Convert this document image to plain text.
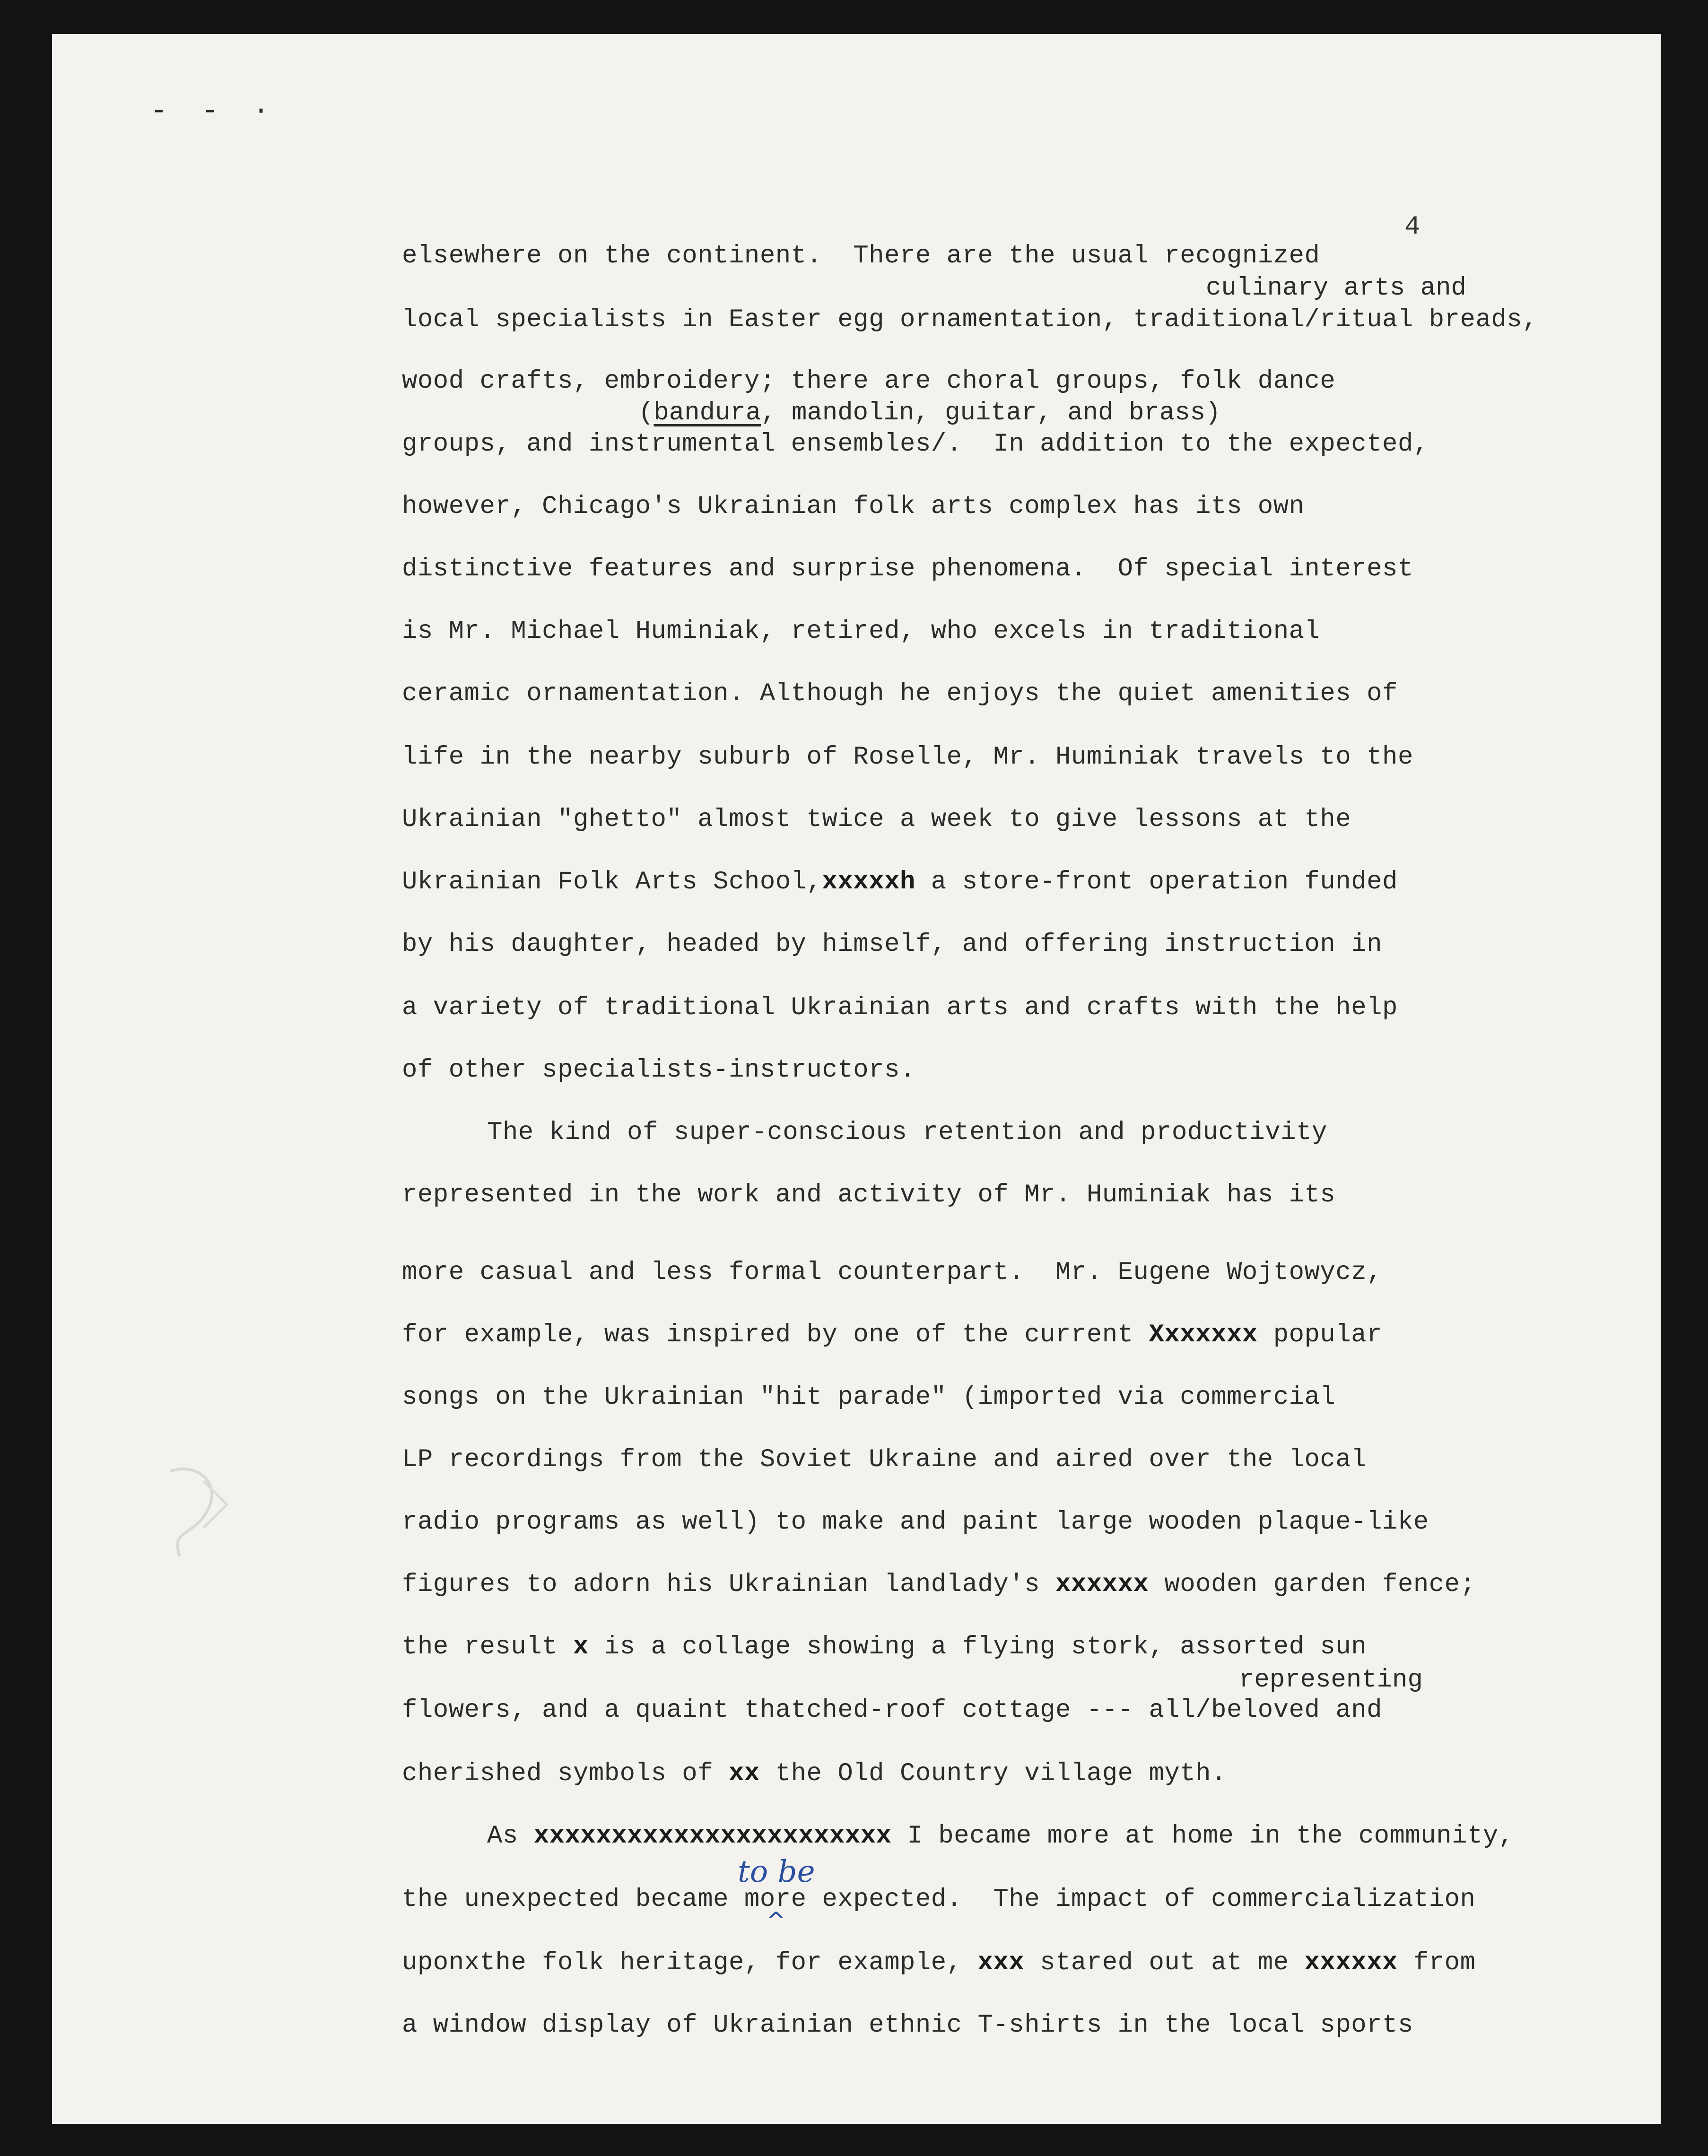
- - ·
4
elsewhere on the continent.  There are the usual recognized
culinary arts and
local specialists in Easter egg ornamentation, traditional/ritual breads,
wood crafts, embroidery; there are choral groups, folk dance
(bandura, mandolin, guitar, and brass)
groups, and instrumental ensembles/.  In addition to the expected,
however, Chicago's Ukrainian folk arts complex has its own
distinctive features and surprise phenomena.  Of special interest
is Mr. Michael Huminiak, retired, who excels in traditional
ceramic ornamentation. Although he enjoys the quiet amenities of
life in the nearby suburb of Roselle, Mr. Huminiak travels to the
Ukrainian "ghetto" almost twice a week to give lessons at the
Ukrainian Folk Arts School,xxxxxh a store-front operation funded
by his daughter, headed by himself, and offering instruction in
a variety of traditional Ukrainian arts and crafts with the help
of other specialists-instructors.
The kind of super-conscious retention and productivity
represented in the work and activity of Mr. Huminiak has its
more casual and less formal counterpart.  Mr. Eugene Wojtowycz,
for example, was inspired by one of the current Xxxxxxx popular
songs on the Ukrainian "hit parade" (imported via commercial
LP recordings from the Soviet Ukraine and aired over the local
radio programs as well) to make and paint large wooden plaque-like
figures to adorn his Ukrainian landlady's xxxxxx wooden garden fence;
the result x is a collage showing a flying stork, assorted sun
representing
flowers, and a quaint thatched-roof cottage --- all/beloved and
cherished symbols of xx the Old Country village myth.
As xxxxxxxxxxxxxxxxxxxxxxx I became more at home in the community,
to be
the unexpected became more expected.  The impact of commercialization
^
uponxthe folk heritage, for example, xxx stared out at me xxxxxx from
a window display of Ukrainian ethnic T-shirts in the local sports
